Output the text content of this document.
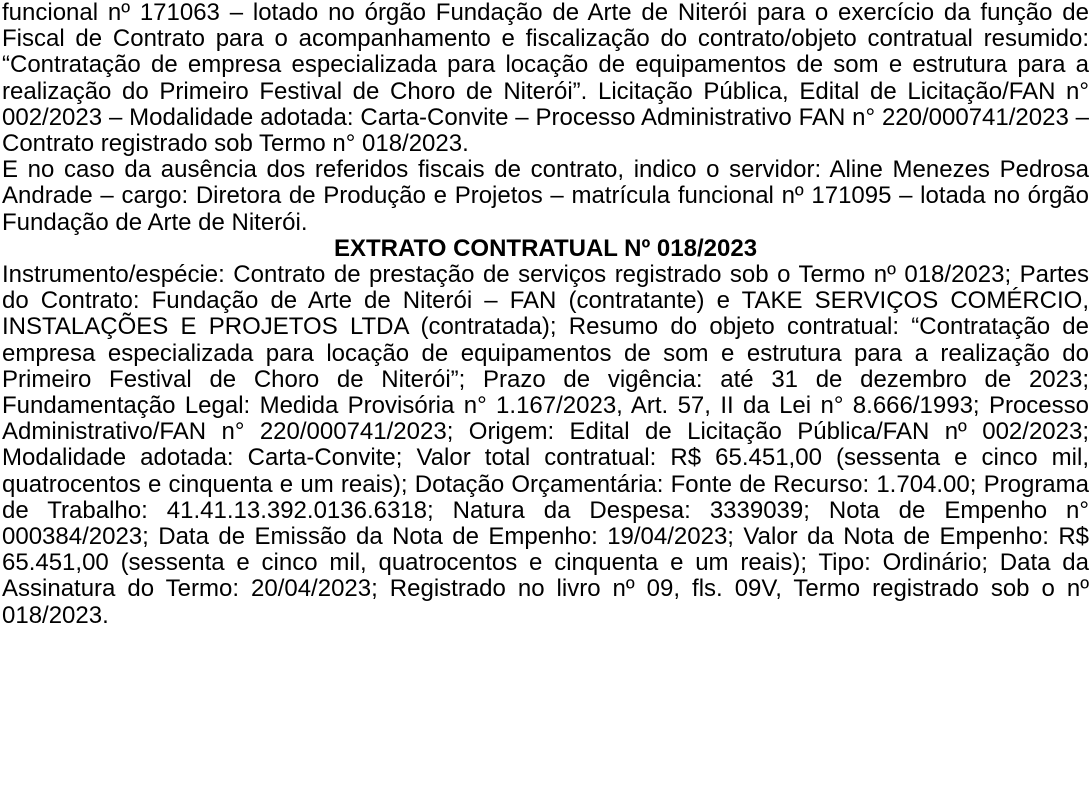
funcional nº 171063 – lotado no órgão Fundação de Arte de Niterói para o exercício da função de Fiscal de Contrato para o acompanhamento e fiscalização do contrato/objeto contratual resumido: “Contratação de empresa especializada para locação de equipamentos de som e estrutura para a realização do Primeiro Festival de Choro de Niterói”. Licitação Pública, Edital de Licitação/FAN n° 002/2023 – Modalidade adotada: Carta-Convite – Processo Administrativo FAN n° 220/000741/2023 – Contrato registrado sob Termo n° 018/2023.

E no caso da ausência dos referidos fiscais de contrato, indico o servidor: Aline Menezes Pedrosa Andrade – cargo: Diretora de Produção e Projetos – matrícula funcional nº 171095 – lotada no órgão Fundação de Arte de Niterói.

EXTRATO CONTRATUAL Nº 018/2023

Instrumento/espécie: Contrato de prestação de serviços registrado sob o Termo nº 018/2023; Partes do Contrato: Fundação de Arte de Niterói – FAN (contratante) e TAKE SERVIÇOS COMÉRCIO, INSTALAÇÕES E PROJETOS LTDA (contratada); Resumo do objeto contratual: “Contratação de empresa especializada para locação de equipamentos de som e estrutura para a realização do Primeiro Festival de Choro de Niterói”; Prazo de vigência: até 31 de dezembro de 2023; Fundamentação Legal: Medida Provisória n° 1.167/2023, Art. 57, II da Lei n° 8.666/1993; Processo Administrativo/FAN n° 220/000741/2023; Origem: Edital de Licitação Pública/FAN nº 002/2023; Modalidade adotada: Carta-Convite; Valor total contratual: R$ 65.451,00 (sessenta e cinco mil, quatrocentos e cinquenta e um reais); Dotação Orçamentária: Fonte de Recurso: 1.704.00; Programa de Trabalho: 41.41.13.392.0136.6318; Natura da Despesa: 3339039; Nota de Empenho n° 000384/2023; Data de Emissão da Nota de Empenho: 19/04/2023; Valor da Nota de Empenho: R$ 65.451,00 (sessenta e cinco mil, quatrocentos e cinquenta e um reais); Tipo: Ordinário; Data da Assinatura do Termo: 20/04/2023; Registrado no livro nº 09, fls. 09V, Termo registrado sob o nº 018/2023.
